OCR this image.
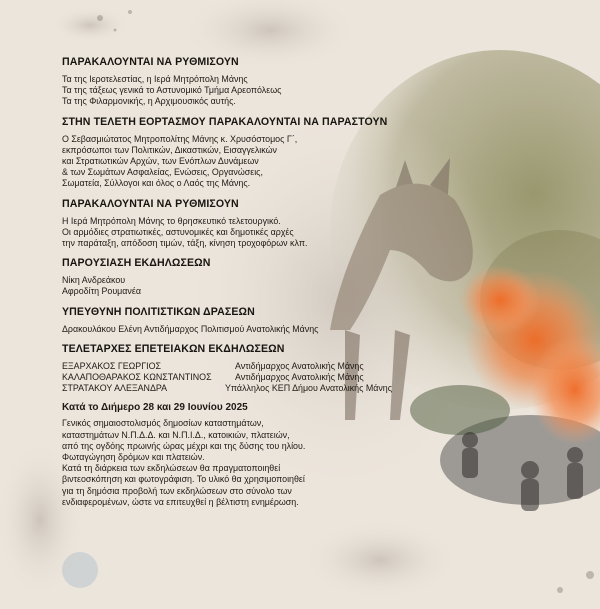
ΠΑΡΑΚΑΛΟΥΝΤΑΙ ΝΑ ΡΥΘΜΙΣΟΥΝ
Τα της Ιεροτελεστίας, η Ιερά Μητρόπολη Μάνης
Τα της τάξεως γενικά το Αστυνομικό Τμήμα Αρεοπόλεως
Τα της Φιλαρμονικής, η Αρχιμουσικός αυτής.
ΣΤΗΝ ΤΕΛΕΤΗ ΕΟΡΤΑΣΜΟΥ ΠΑΡΑΚΑΛΟΥΝΤΑΙ ΝΑ ΠΑΡΑΣΤΟΥΝ
Ο Σεβασμιώτατος Μητροπολίτης Μάνης κ. Χρυσόστομος Γ΄,
εκπρόσωποι των Πολιτικών, Δικαστικών, Εισαγγελικών
και Στρατιωτικών Αρχών, των Ενόπλων Δυνάμεων
& των Σωμάτων Ασφαλείας, Ενώσεις, Οργανώσεις,
Σωματεία, Σύλλογοι και όλος ο Λαός της Μάνης.
ΠΑΡΑΚΑΛΟΥΝΤΑΙ ΝΑ ΡΥΘΜΙΣΟΥΝ
Η Ιερά Μητρόπολη Μάνης το θρησκευτικό τελετουργικό.
Οι αρμόδιες στρατιωτικές, αστυνομικές και δημοτικές αρχές
την παράταξη, απόδοση τιμών, τάξη, κίνηση τροχοφόρων κλπ.
ΠΑΡΟΥΣΙΑΣΗ ΕΚΔΗΛΩΣΕΩΝ
Νίκη Ανδρεάκου
Αφροδίτη Ρουμανέα
ΥΠΕΥΘΥΝΗ ΠΟΛΙΤΙΣΤΙΚΩΝ ΔΡΑΣΕΩΝ
Δρακουλάκου Ελένη Αντιδήμαρχος Πολιτισμού Ανατολικής Μάνης
ΤΕΛΕΤΑΡΧΕΣ ΕΠΕΤΕΙΑΚΩΝ ΕΚΔΗΛΩΣΕΩΝ
ΕΞΑΡΧΑΚΟΣ ΓΕΩΡΓΙΟΣ	Αντιδήμαρχος Ανατολικής Μάνης
ΚΑΛΑΠΟΘΑΡΑΚΟΣ ΚΩΝΣΤΑΝΤΙΝΟΣ	Αντιδήμαρχος Ανατολικής Μάνης
ΣΤΡΑΤΑΚΟΥ ΑΛΕΞΑΝΔΡΑ	Υπάλληλος ΚΕΠ Δήμου Ανατολικής Μάνης
Κατά το Διήμερο 28 και 29 Ιουνίου 2025
Γενικός σημαιοστολισμός δημοσίων καταστημάτων,
καταστημάτων Ν.Π.Δ.Δ. και Ν.Π.Ι.Δ., κατοικιών, πλατειών,
από της ογδόης πρωινής ώρας μέχρι και της δύσης του ηλίου.
Φωταγώγηση δρόμων και πλατειών.
Κατά τη διάρκεια των εκδηλώσεων θα πραγματοποιηθεί
βιντεοσκόπηση και φωτογράφιση. Το υλικό θα χρησιμοποιηθεί
για τη δημόσια προβολή των εκδηλώσεων στο σύνολο των
ενδιαφερομένων, ώστε να επιτευχθεί η βέλτιστη ενημέρωση.
